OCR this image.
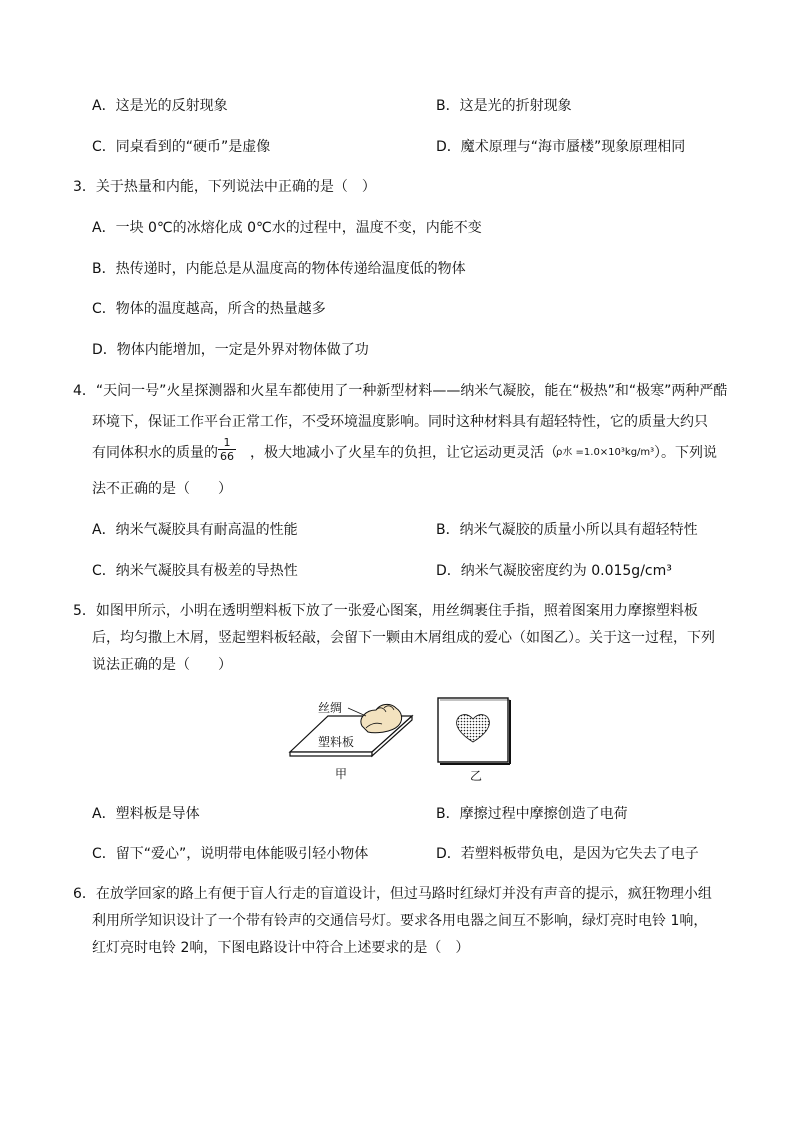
A．这是光的反射现象	B．这是光的折射现象
C．同桌看到的“硬币”是虚像	D．魔术原理与“海市蜃楼”现象原理相同
3．关于热量和内能，下列说法中正确的是（　）
A．一块 0℃的冰熔化成 0℃水的过程中，温度不变，内能不变
B．热传递时，内能总是从温度高的物体传递给温度低的物体
C．物体的温度越高，所含的热量越多
D．物体内能增加，一定是外界对物体做了功
4．“天问一号”火星探测器和火星车都使用了一种新型材料——纳米气凝胶，能在“极热”和“极寒”两种严酷
环境下，保证工作平台正常工作，不受环境温度影响。同时这种材料具有超轻特性，它的质量大约只
有同体积水的质量的 $\frac{1}{66}$ ，极大地减小了火星车的负担，让它运动更灵活（
ρ水 =1.0×10³kg/m³ ）。下列说
法不正确的是（　　）
A．纳米气凝胶具有耐高温的性能	B．纳米气凝胶的质量小所以具有超轻特性
C．纳米气凝胶具有极差的导热性	D．纳米气凝胶密度约为 0.015g/cm³
5．如图甲所示，小明在透明塑料板下放了一张爱心图案，用丝绸裹住手指，照着图案用力摩擦塑料板
后，均匀撒上木屑，竖起塑料板轻敲，会留下一颗由木屑组成的爱心（如图乙）。关于这一过程，下列
说法正确的是（　　）
丝绸
塑料板
甲	乙
A．塑料板是导体	B．摩擦过程中摩擦创造了电荷
C．留下“爱心”，说明带电体能吸引轻小物体	D．若塑料板带负电，是因为它失去了电子
6．在放学回家的路上有便于盲人行走的盲道设计，但过马路时红绿灯并没有声音的提示，疯狂物理小组
利用所学知识设计了一个带有铃声的交通信号灯。要求各用电器之间互不影响，绿灯亮时电铃 1响，
红灯亮时电铃 2响，下图电路设计中符合上述要求的是（　）
